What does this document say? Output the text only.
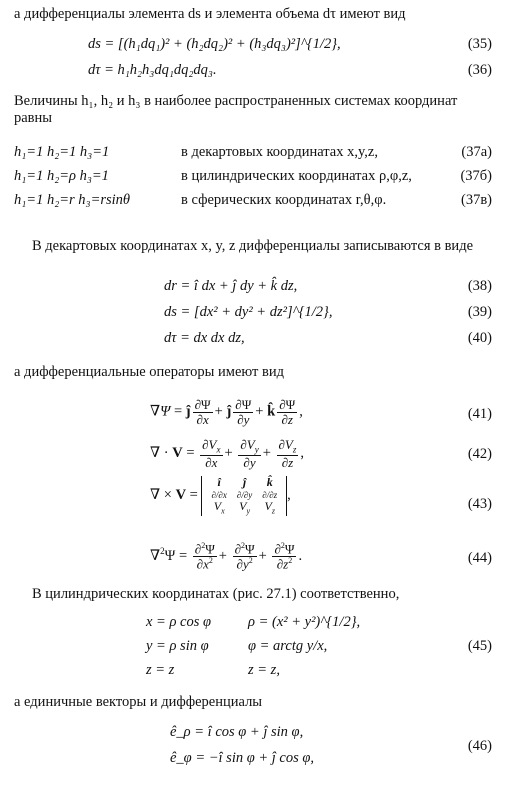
а дифференциалы элемента ds и элемента объема dτ имеют вид

ds = [(h₁dq₁)² + (h₂dq₂)² + (h₃dq₃)²]^{1/2},	(35)
dτ = h₁h₂h₃dq₁dq₂dq₃.	(36)

Величины h₁, h₂ и h₃ в наиболее распространенных системах координат равны

h₁=1 h₂=1 h₃=1	в декартовых координатах x,y,z,	(37a)
h₁=1 h₂=ρ h₃=1	в цилиндрических координатах ρ,φ,z,	(37б)
h₁=1 h₂=r h₃=rsinθ	в сферических координатах r,θ,φ.	(37в)

В декартовых координатах x, y, z дифференциалы записываются в виде

dr = î dx + ĵ dy + k̂ dz,	(38)
ds = [dx² + dy² + dz²]^{1/2},	(39)
dτ = dx dx dz,	(40)

а дифференциальные операторы имеют вид

∇Ψ = ĵ $\frac{\partial\Psi}{\partial x}$ + ĵ $\frac{\partial\Psi}{\partial y}$ + k̂ $\frac{\partial\Psi}{\partial z}$ ,	(41)
∇ · $V = \frac{\partial V_x}{\partial x} + \frac{\partial V_y}{\partial y} + \frac{\partial V_z}{\partial z}$ ,	(42)
∇ × V =
î	ĵ	k̂
∂/∂x	∂/∂y	∂/∂z
$V_x$	$V_y$	$V_z$
,
(43)
$\nabla^2\Psi = \frac{\partial^2\Psi}{\partial x^2} + \frac{\partial^2\Psi}{\partial y^2} + \frac{\partial^2\Psi}{\partial z^2}$ .	(44)

В цилиндрических координатах (рис. 27.1) соответственно,

x = ρ cos φ	ρ = (x² + y²)^{1/2},
y = ρ sin φ	φ = arctg y/x,	(45)
z = z	z = z,

а единичные векторы и дифференциалы

ê_ρ = î cos φ + ĵ sin φ,
ê_φ = −î sin φ + ĵ cos φ,
(46)
